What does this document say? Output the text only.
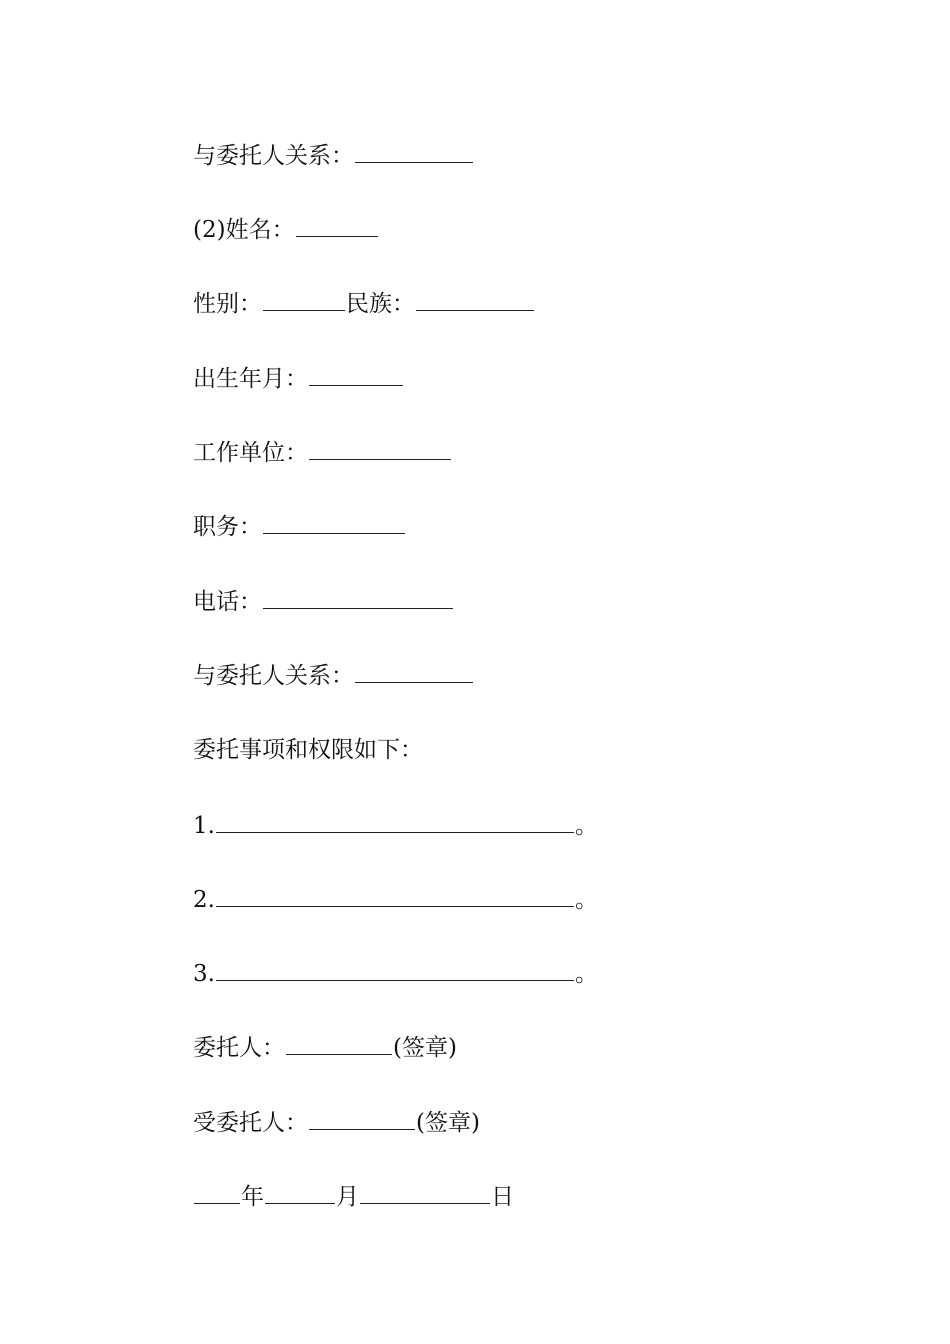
与委托人关系：
(2)姓名：
性别：	民族：
出生年月：
工作单位：
职务：
电话：
与委托人关系：
委托事项和权限如下：
1.	。
2.	。
3.	。
委托人：	(签章)
受委托人：	(签章)
年	月	日
